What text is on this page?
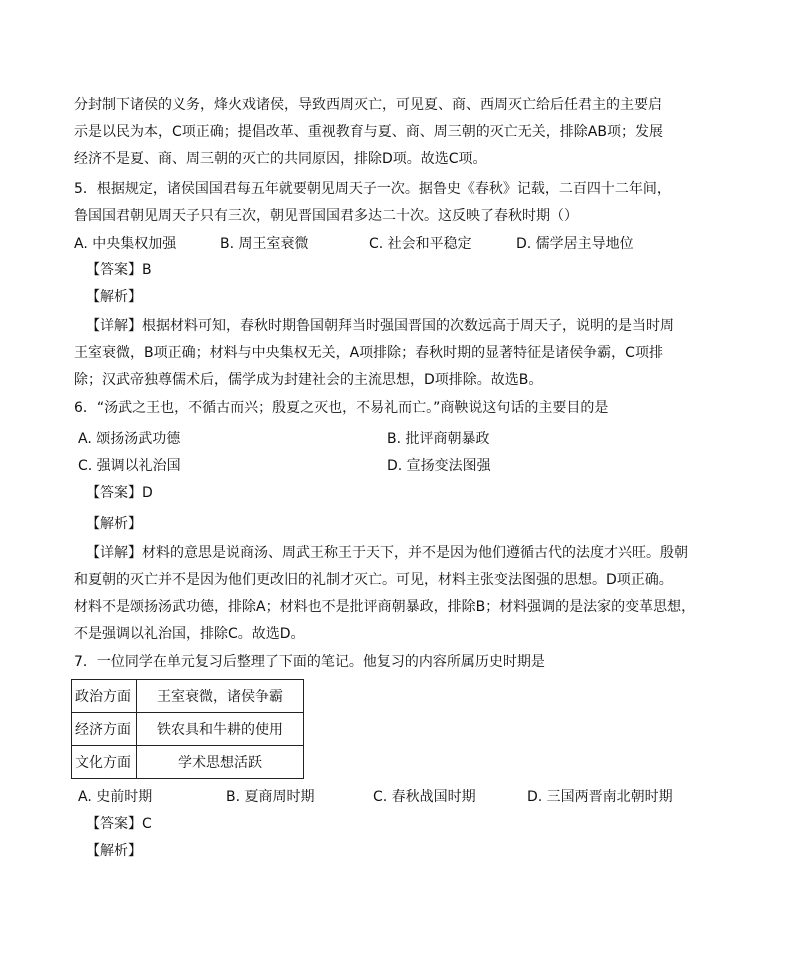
分封制下诸侯的义务，烽火戏诸侯，导致西周灭亡，可见夏、商、西周灭亡给后任君主的主要启
示是以民为本，C项正确；提倡改革、重视教育与夏、商、周三朝的灭亡无关，排除AB项；发展
经济不是夏、商、周三朝的灭亡的共同原因，排除D项。故选C项。
5．根据规定，诸侯国国君每五年就要朝见周天子一次。据鲁史《春秋》记载，二百四十二年间，
鲁国国君朝见周天子只有三次，朝见晋国国君多达二十次。这反映了春秋时期（）
A. 中央集权加强	B. 周王室衰微	C. 社会和平稳定	D. 儒学居主导地位
【答案】B
【解析】
【详解】根据材料可知，春秋时期鲁国朝拜当时强国晋国的次数远高于周天子，说明的是当时周
王室衰微，B项正确；材料与中央集权无关，A项排除；春秋时期的显著特征是诸侯争霸，C项排
除；汉武帝独尊儒术后，儒学成为封建社会的主流思想，D项排除。故选B。
6．“汤武之王也，不循古而兴；殷夏之灭也，不易礼而亡。”商鞅说这句话的主要目的是
A. 颂扬汤武功德	B. 批评商朝暴政
C. 强调以礼治国	D. 宣扬变法图强
【答案】D
【解析】
【详解】材料的意思是说商汤、周武王称王于天下，并不是因为他们遵循古代的法度才兴旺。殷朝
和夏朝的灭亡并不是因为他们更改旧的礼制才灭亡。可见，材料主张变法图强的思想。D项正确。
材料不是颂扬汤武功德，排除A；材料也不是批评商朝暴政，排除B；材料强调的是法家的变革思想，
不是强调以礼治国，排除C。故选D。
7．一位同学在单元复习后整理了下面的笔记。他复习的内容所属历史时期是
政治方面	王室衰微，诸侯争霸
经济方面	铁农具和牛耕的使用
文化方面	学术思想活跃
A. 史前时期	B. 夏商周时期	C. 春秋战国时期	D. 三国两晋南北朝时期
【答案】C
【解析】
